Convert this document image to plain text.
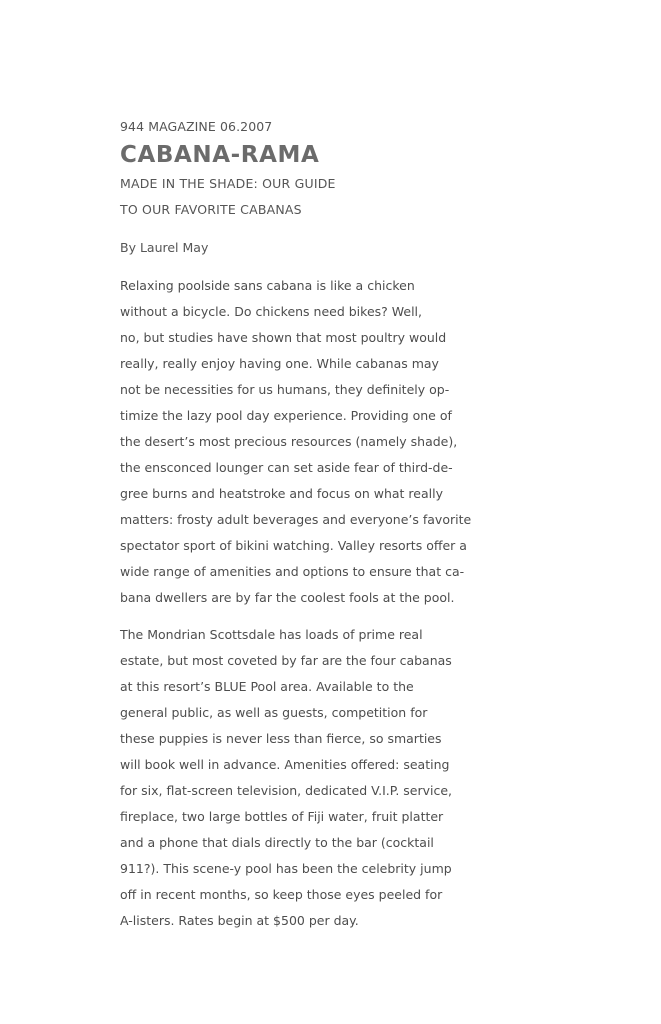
944 MAGAZINE 06.2007

CABANA-RAMA
MADE IN THE SHADE: OUR GUIDE
TO OUR FAVORITE CABANAS

By Laurel May

Relaxing poolside sans cabana is like a chicken
without a bicycle. Do chickens need bikes? Well,
no, but studies have shown that most poultry would
really, really enjoy having one. While cabanas may
not be necessities for us humans, they definitely op-
timize the lazy pool day experience. Providing one of
the desert’s most precious resources (namely shade),
the ensconced lounger can set aside fear of third-de-
gree burns and heatstroke and focus on what really
matters: frosty adult beverages and everyone’s favorite
spectator sport of bikini watching. Valley resorts offer a
wide range of amenities and options to ensure that ca-
bana dwellers are by far the coolest fools at the pool.

The Mondrian Scottsdale has loads of prime real
estate, but most coveted by far are the four cabanas
at this resort’s BLUE Pool area. Available to the
general public, as well as guests, competition for
these puppies is never less than fierce, so smarties
will book well in advance. Amenities offered: seating
for six, flat-screen television, dedicated V.I.P. service,
fireplace, two large bottles of Fiji water, fruit platter
and a phone that dials directly to the bar (cocktail
911?). This scene-y pool has been the celebrity jump
off in recent months, so keep those eyes peeled for
A-listers. Rates begin at $500 per day.
